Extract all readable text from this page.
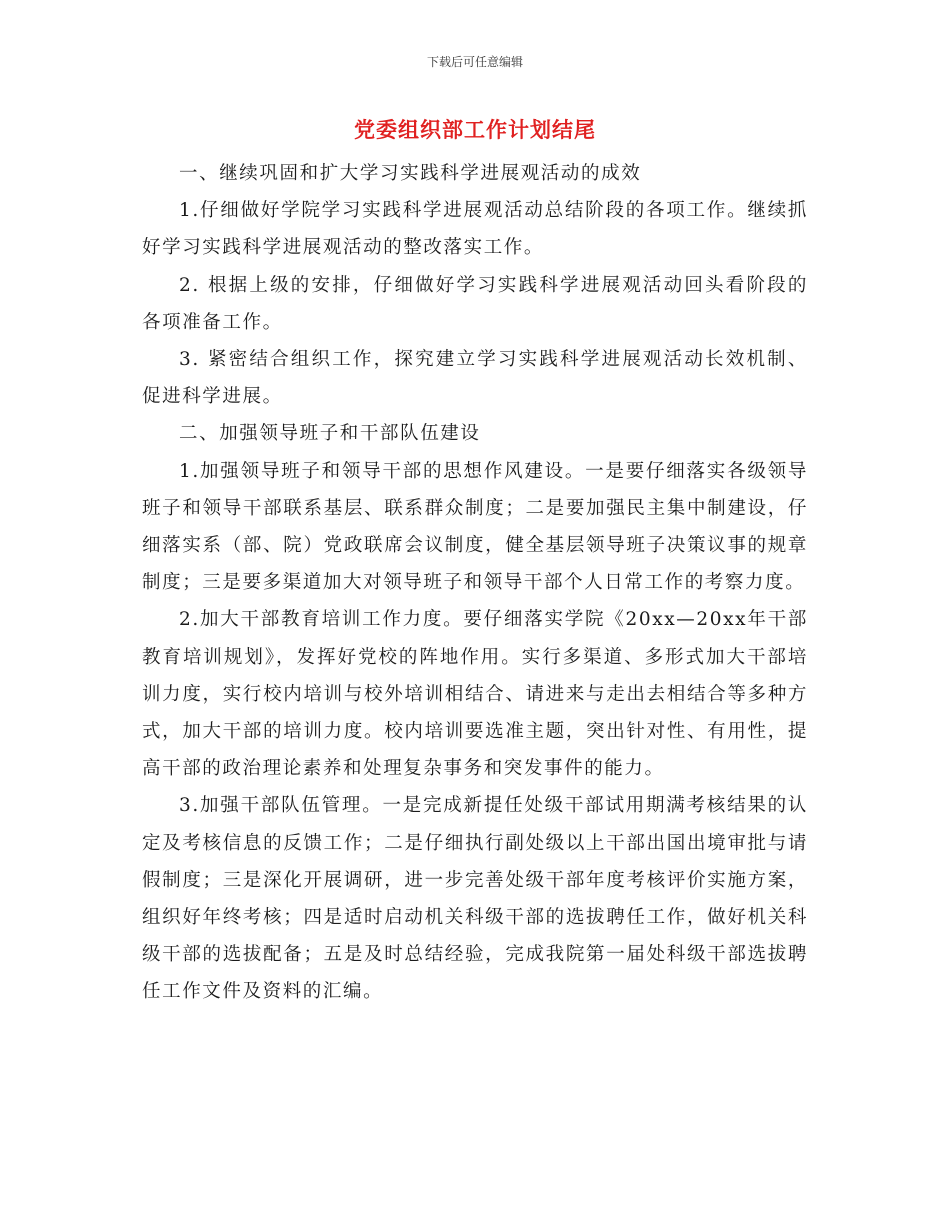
下载后可任意编辑
党委组织部工作计划结尾

一、继续巩固和扩大学习实践科学进展观活动的成效

1.仔细做好学院学习实践科学进展观活动总结阶段的各项工作。继续抓好学习实践科学进展观活动的整改落实工作。

2. 根据上级的安排，仔细做好学习实践科学进展观活动回头看阶段的各项准备工作。

3. 紧密结合组织工作，探究建立学习实践科学进展观活动长效机制、促进科学进展。

二、加强领导班子和干部队伍建设

1.加强领导班子和领导干部的思想作风建设。一是要仔细落实各级领导班子和领导干部联系基层、联系群众制度；二是要加强民主集中制建设，仔细落实系（部、院）党政联席会议制度，健全基层领导班子决策议事的规章制度；三是要多渠道加大对领导班子和领导干部个人日常工作的考察力度。

2.加大干部教育培训工作力度。要仔细落实学院《20xx—20xx年干部教育培训规划》，发挥好党校的阵地作用。实行多渠道、多形式加大干部培训力度，实行校内培训与校外培训相结合、请进来与走出去相结合等多种方式，加大干部的培训力度。校内培训要选准主题，突出针对性、有用性，提高干部的政治理论素养和处理复杂事务和突发事件的能力。

3.加强干部队伍管理。一是完成新提任处级干部试用期满考核结果的认定及考核信息的反馈工作；二是仔细执行副处级以上干部出国出境审批与请假制度；三是深化开展调研，进一步完善处级干部年度考核评价实施方案，组织好年终考核；四是适时启动机关科级干部的选拔聘任工作，做好机关科级干部的选拔配备；五是及时总结经验，完成我院第一届处科级干部选拔聘任工作文件及资料的汇编。
